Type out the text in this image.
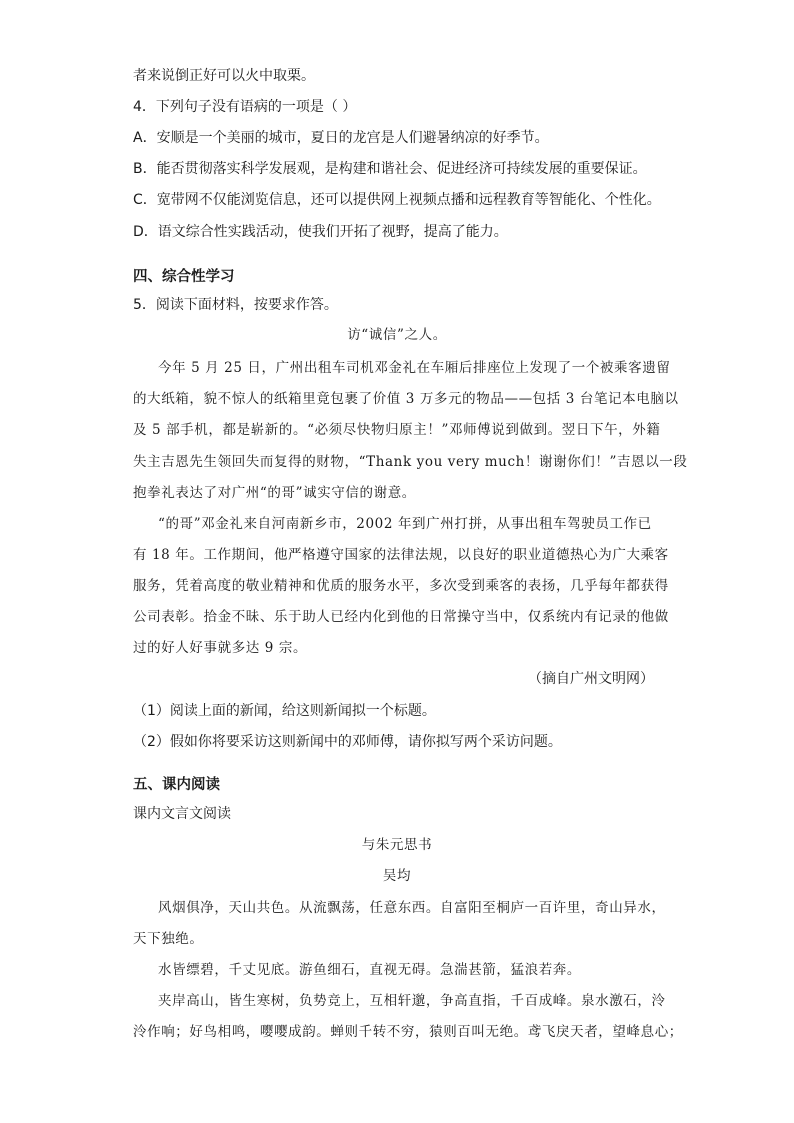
者来说倒正好可以火中取栗。
4．下列句子没有语病的一项是（ ）
A．安顺是一个美丽的城市，夏日的龙宫是人们避暑纳凉的好季节。
B．能否贯彻落实科学发展观，是构建和谐社会、促进经济可持续发展的重要保证。
C．宽带网不仅能浏览信息，还可以提供网上视频点播和远程教育等智能化、个性化。
D．语文综合性实践活动，使我们开拓了视野，提高了能力。
四、综合性学习
5．阅读下面材料，按要求作答。
访“诚信”之人。
今年 5 月 25 日，广州出租车司机邓金礼在车厢后排座位上发现了一个被乘客遗留
的大纸箱，貌不惊人的纸箱里竟包裹了价值 3 万多元的物品——包括 3 台笔记本电脑以
及 5 部手机，都是崭新的。“必须尽快物归原主！”邓师傅说到做到。翌日下午，外籍
失主吉恩先生领回失而复得的财物，“Thank you very much！谢谢你们！”吉恩以一段
抱拳礼表达了对广州“的哥”诚实守信的谢意。
“的哥”邓金礼来自河南新乡市，2002 年到广州打拼，从事出租车驾驶员工作已
有 18 年。工作期间，他严格遵守国家的法律法规，以良好的职业道德热心为广大乘客
服务，凭着高度的敬业精神和优质的服务水平，多次受到乘客的表扬，几乎每年都获得
公司表彰。拾金不昧、乐于助人已经内化到他的日常操守当中，仅系统内有记录的他做
过的好人好事就多达 9 宗。
（摘自广州文明网）
（1）阅读上面的新闻，给这则新闻拟一个标题。
（2）假如你将要采访这则新闻中的邓师傅，请你拟写两个采访问题。
五、课内阅读
课内文言文阅读
与朱元思书
吴均
风烟俱净，天山共色。从流飘荡，任意东西。自富阳至桐庐一百许里，奇山异水，
天下独绝。
水皆缥碧，千丈见底。游鱼细石，直视无碍。急湍甚箭，猛浪若奔。
夹岸高山，皆生寒树，负势竞上，互相轩邈，争高直指，千百成峰。泉水激石，泠
泠作响；好鸟相鸣，嘤嘤成韵。蝉则千转不穷，猿则百叫无绝。鸢飞戾天者，望峰息心；
